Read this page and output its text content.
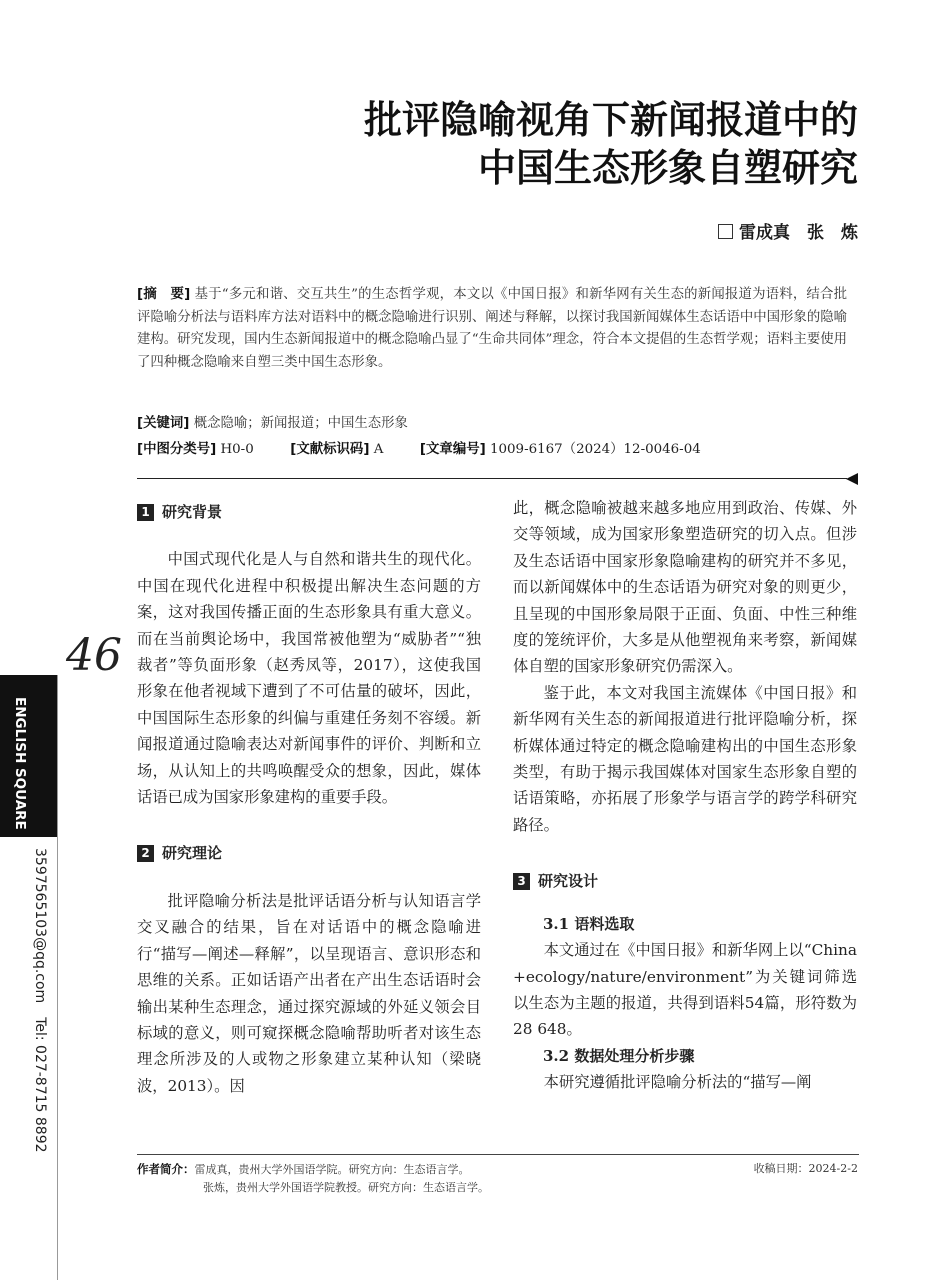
批评隐喻视角下新闻报道中的
中国生态形象自塑研究
雷成真　张　炼
[摘　要] 基于“多元和谐、交互共生”的生态哲学观，本文以《中国日报》和新华网有关生态的新闻报道为语料，结合批评隐喻分析法与语料库方法对语料中的概念隐喻进行识别、阐述与释解，以探讨我国新闻媒体生态话语中中国形象的隐喻建构。研究发现，国内生态新闻报道中的概念隐喻凸显了“生命共同体”理念，符合本文提倡的生态哲学观；语料主要使用了四种概念隐喻来自塑三类中国生态形象。
[关键词] 概念隐喻；新闻报道；中国生态形象
[中图分类号] H0-0	[文献标识码] A	[文章编号] 1009-6167（2024）12-0046-04
46
ENGLISH SQUARE
3597565103@qq.com　Tel: 027-8715 8892
1 研究背景

中国式现代化是人与自然和谐共生的现代化。中国在现代化进程中积极提出解决生态问题的方案，这对我国传播正面的生态形象具有重大意义。而在当前舆论场中，我国常被他塑为“威胁者”“独裁者”等负面形象（赵秀凤等，2017），这使我国形象在他者视域下遭到了不可估量的破坏，因此，中国国际生态形象的纠偏与重建任务刻不容缓。新闻报道通过隐喻表达对新闻事件的评价、判断和立场，从认知上的共鸣唤醒受众的想象，因此，媒体话语已成为国家形象建构的重要手段。

2 研究理论

批评隐喻分析法是批评话语分析与认知语言学交叉融合的结果，旨在对话语中的概念隐喻进行“描写—阐述—释解”，以呈现语言、意识形态和思维的关系。正如话语产出者在产出生态话语时会输出某种生态理念，通过探究源域的外延义领会目标域的意义，则可窥探概念隐喻帮助听者对该生态理念所涉及的人或物之形象建立某种认知（梁晓波，2013）。因

此，概念隐喻被越来越多地应用到政治、传媒、外交等领域，成为国家形象塑造研究的切入点。但涉及生态话语中国家形象隐喻建构的研究并不多见，而以新闻媒体中的生态话语为研究对象的则更少，且呈现的中国形象局限于正面、负面、中性三种维度的笼统评价，大多是从他塑视角来考察，新闻媒体自塑的国家形象研究仍需深入。

鉴于此，本文对我国主流媒体《中国日报》和新华网有关生态的新闻报道进行批评隐喻分析，探析媒体通过特定的概念隐喻建构出的中国生态形象类型，有助于揭示我国媒体对国家生态形象自塑的话语策略，亦拓展了形象学与语言学的跨学科研究路径。

3 研究设计
3.1 语料选取

本文通过在《中国日报》和新华网上以“China +ecology/nature/environment”为关键词筛选以生态为主题的报道，共得到语料54篇，形符数为28 648。

3.2 数据处理分析步骤

本研究遵循批评隐喻分析法的“描写—阐

作者简介：雷成真，贵州大学外国语学院。研究方向：生态语言学。
张炼，贵州大学外国语学院教授。研究方向：生态语言学。
收稿日期：2024-2-2
